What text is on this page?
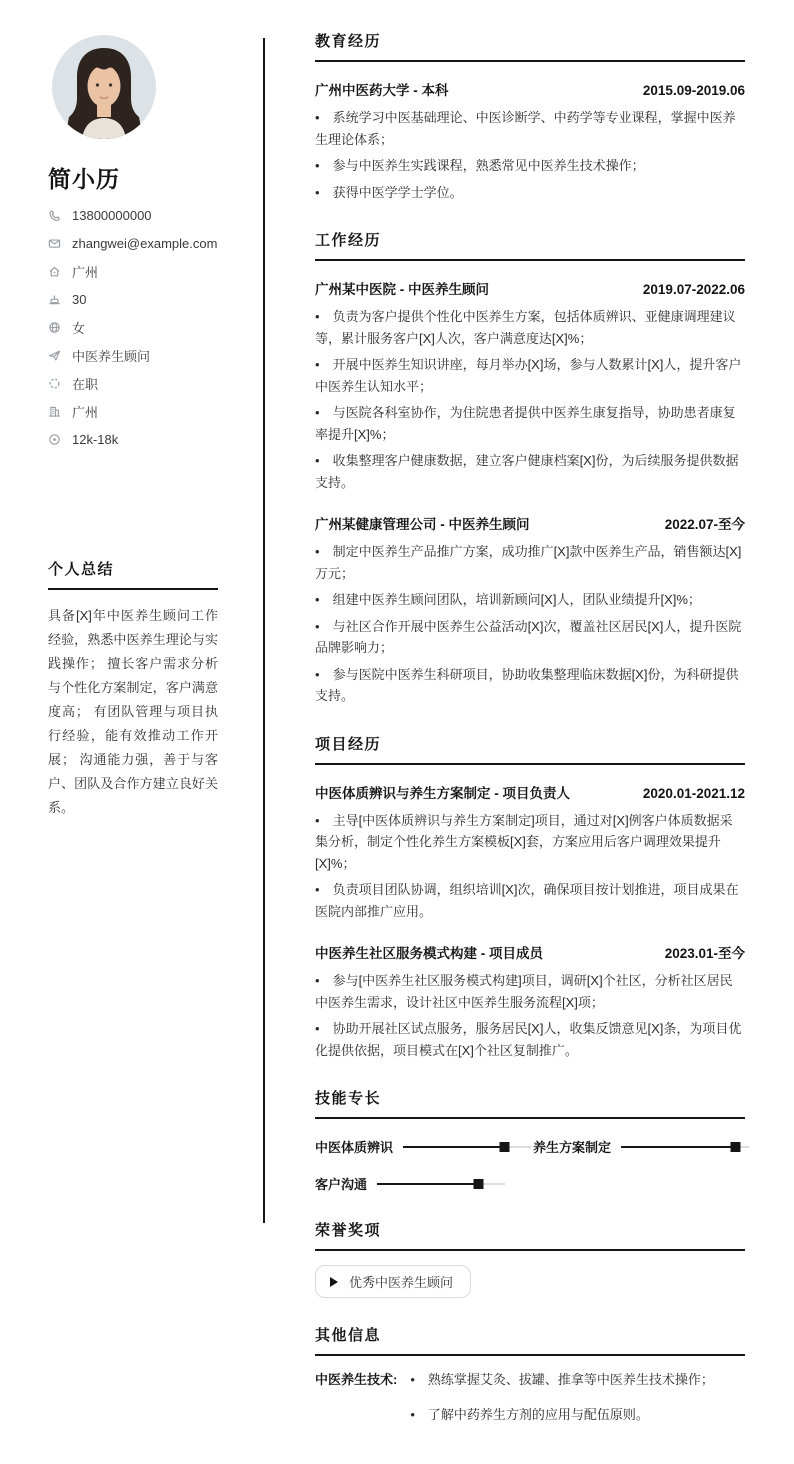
简小历
13800000000
zhangwei@example.com
广州
30
女
中医养生顾问
在职
广州
12k-18k
个人总结

具备[X]年中医养生顾问工作经验，熟悉中医养生理论与实践操作； 擅长客户需求分析与个性化方案制定，客户满意度高； 有团队管理与项目执行经验，能有效推动工作开展； 沟通能力强，善于与客户、团队及合作方建立良好关系。

教育经历
广州中医药大学 - 本科	2015.09-2019.06

• 系统学习中医基础理论、中医诊断学、中药学等专业课程，掌握中医养生理论体系；

• 参与中医养生实践课程，熟悉常见中医养生技术操作；

• 获得中医学学士学位。

工作经历
广州某中医院 - 中医养生顾问	2019.07-2022.06

• 负责为客户提供个性化中医养生方案，包括体质辨识、亚健康调理建议等，累计服务客户[X]人次，客户满意度达[X]%；

• 开展中医养生知识讲座，每月举办[X]场，参与人数累计[X]人，提升客户中医养生认知水平；

• 与医院各科室协作，为住院患者提供中医养生康复指导，协助患者康复率提升[X]%；

• 收集整理客户健康数据，建立客户健康档案[X]份，为后续服务提供数据支持。

广州某健康管理公司 - 中医养生顾问	2022.07-至今

• 制定中医养生产品推广方案，成功推广[X]款中医养生产品，销售额达[X]万元；

• 组建中医养生顾问团队，培训新顾问[X]人，团队业绩提升[X]%；

• 与社区合作开展中医养生公益活动[X]次，覆盖社区居民[X]人，提升医院品牌影响力；

• 参与医院中医养生科研项目，协助收集整理临床数据[X]份，为科研提供支持。

项目经历
中医体质辨识与养生方案制定 - 项目负责人	2020.01-2021.12

• 主导[中医体质辨识与养生方案制定]项目，通过对[X]例客户体质数据采集分析，制定个性化养生方案模板[X]套，方案应用后客户调理效果提升[X]%；

• 负责项目团队协调，组织培训[X]次，确保项目按计划推进，项目成果在医院内部推广应用。

中医养生社区服务模式构建 - 项目成员	2023.01-至今

• 参与[中医养生社区服务模式构建]项目，调研[X]个社区，分析社区居民中医养生需求，设计社区中医养生服务流程[X]项；

• 协助开展社区试点服务，服务居民[X]人，收集反馈意见[X]条，为项目优化提供依据，项目模式在[X]个社区复制推广。

技能专长
中医体质辨识	养生方案制定
客户沟通
荣誉奖项
优秀中医养生顾问
其他信息
中医养生技术: •	熟练掌握艾灸、拔罐、推拿等中医养生技术操作；

• 了解中药养生方剂的应用与配伍原则。
